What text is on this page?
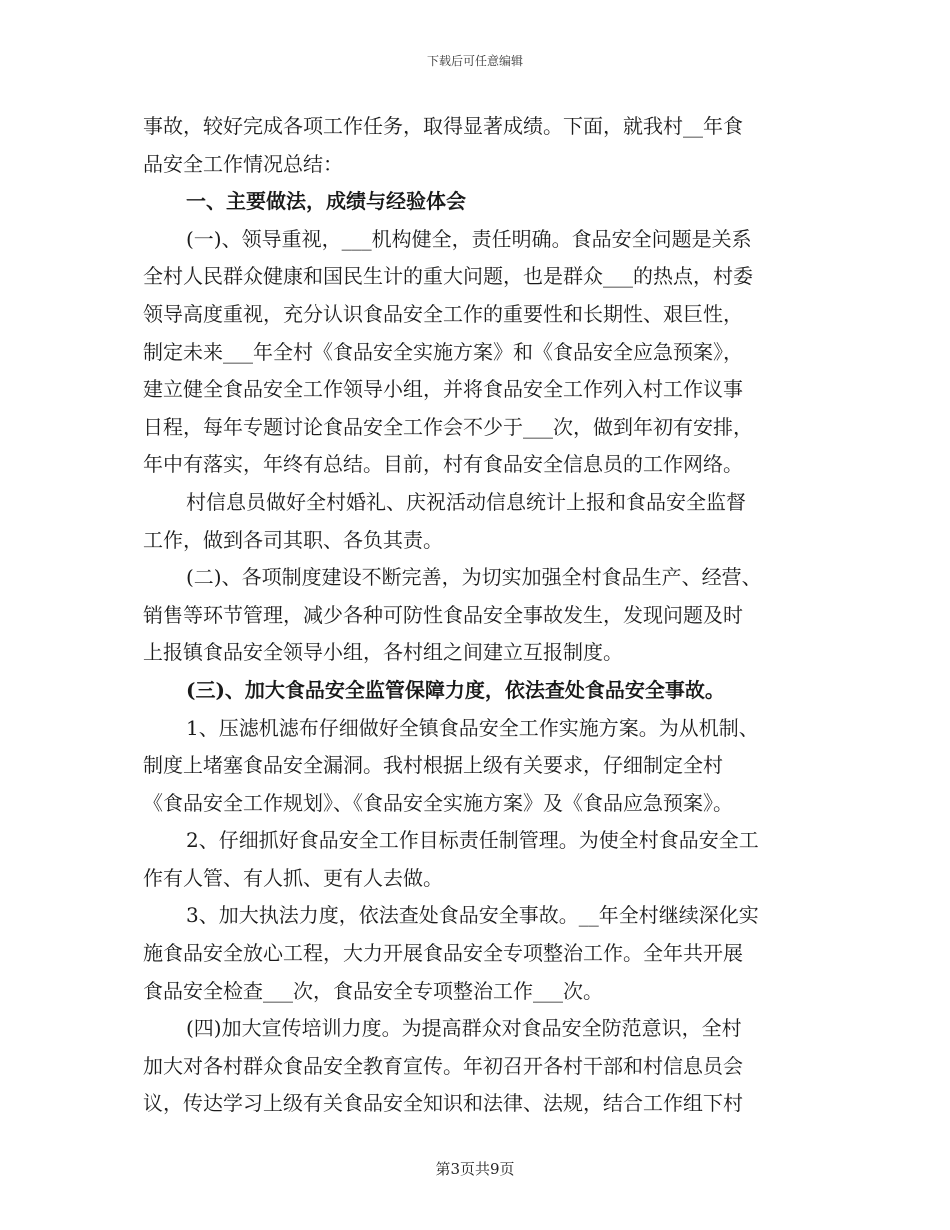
下载后可任意编辑
事故，较好完成各项工作任务，取得显著成绩。下面，就我村__年食
品安全工作情况总结：
一、主要做法，成绩与经验体会
(一)、领导重视，___机构健全，责任明确。食品安全问题是关系
全村人民群众健康和国民生计的重大问题，也是群众___的热点，村委
领导高度重视，充分认识食品安全工作的重要性和长期性、艰巨性，
制定未来___年全村《食品安全实施方案》和《食品安全应急预案》，
建立健全食品安全工作领导小组，并将食品安全工作列入村工作议事
日程，每年专题讨论食品安全工作会不少于___次，做到年初有安排，
年中有落实，年终有总结。目前，村有食品安全信息员的工作网络。
村信息员做好全村婚礼、庆祝活动信息统计上报和食品安全监督
工作，做到各司其职、各负其责。
(二)、各项制度建设不断完善，为切实加强全村食品生产、经营、
销售等环节管理，减少各种可防性食品安全事故发生，发现问题及时
上报镇食品安全领导小组，各村组之间建立互报制度。
(三)、加大食品安全监管保障力度，依法查处食品安全事故。
1、压滤机滤布仔细做好全镇食品安全工作实施方案。为从机制、
制度上堵塞食品安全漏洞。我村根据上级有关要求，仔细制定全村
《食品安全工作规划》、《食品安全实施方案》及《食品应急预案》。
2、仔细抓好食品安全工作目标责任制管理。为使全村食品安全工
作有人管、有人抓、更有人去做。
3、加大执法力度，依法查处食品安全事故。__年全村继续深化实
施食品安全放心工程，大力开展食品安全专项整治工作。全年共开展
食品安全检查___次，食品安全专项整治工作___次。
(四)加大宣传培训力度。为提高群众对食品安全防范意识，全村
加大对各村群众食品安全教育宣传。年初召开各村干部和村信息员会
议，传达学习上级有关食品安全知识和法律、法规，结合工作组下村
第3页共9页
